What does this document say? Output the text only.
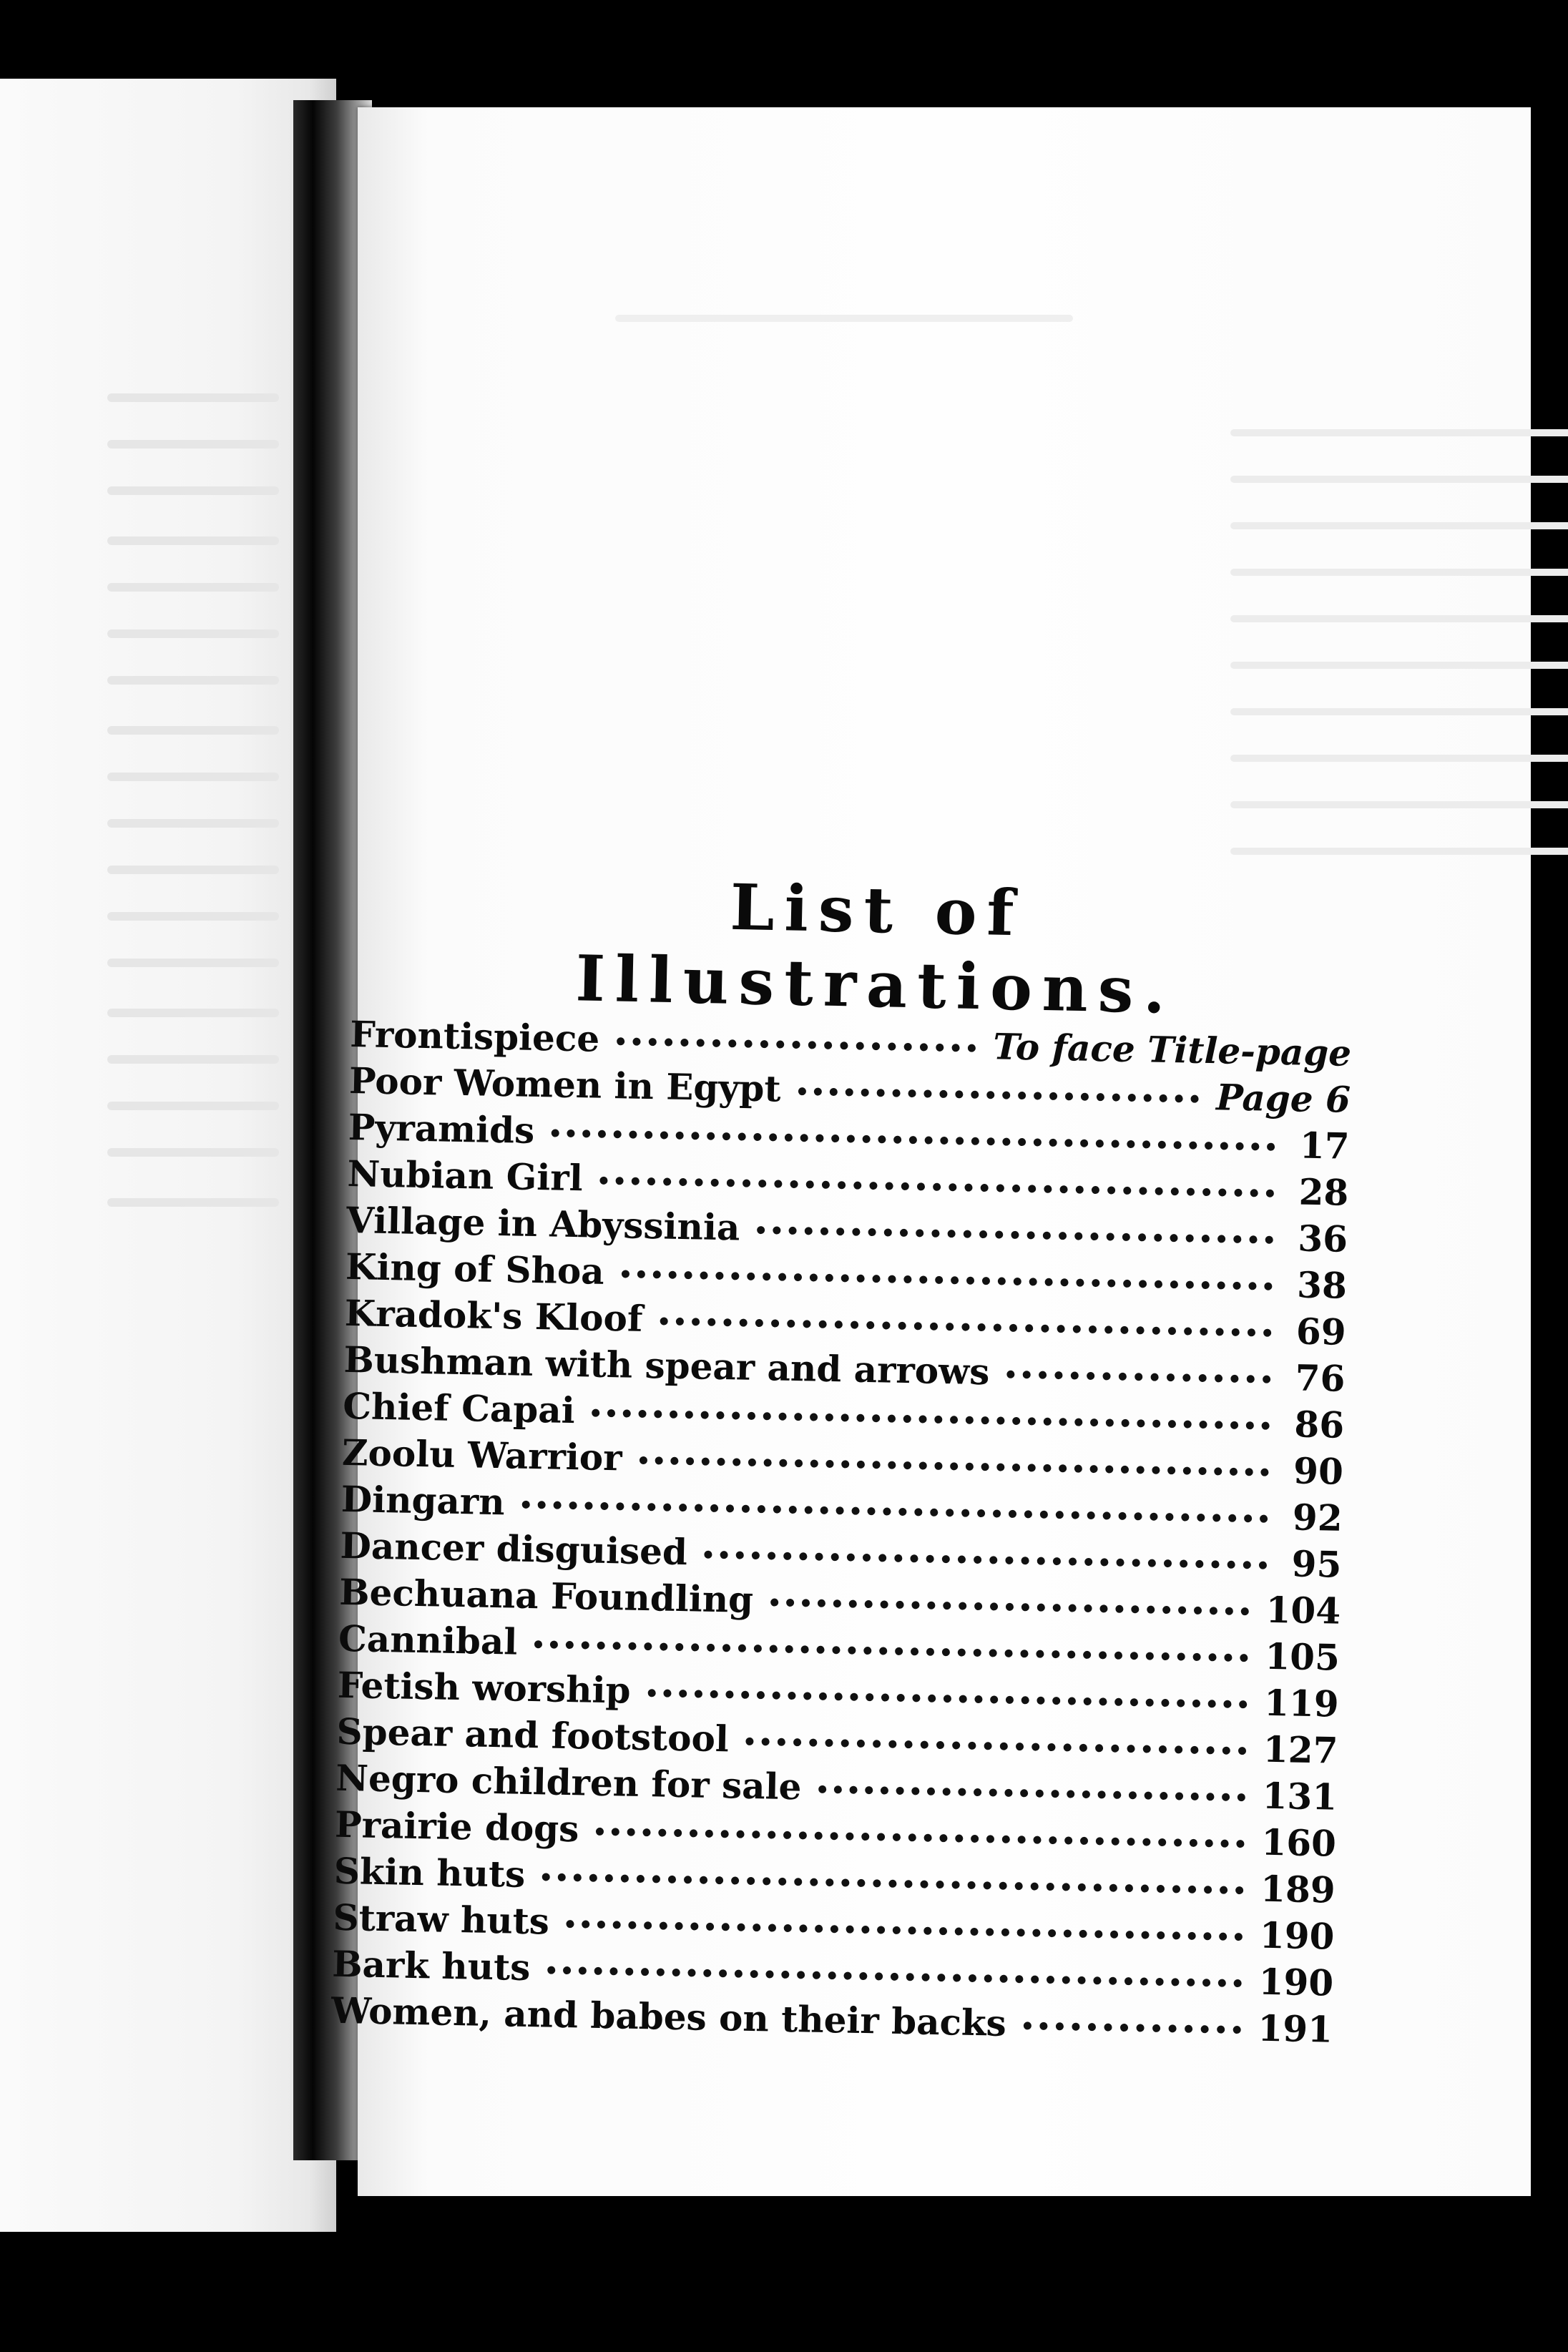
List of Illustrations.
Frontispiece	To face Title-page
Poor Women in Egypt	Page 6
Pyramids	17
Nubian Girl	28
Village in Abyssinia	36
King of Shoa	38
Kradok's Kloof	69
Bushman with spear and arrows	76
Chief Capai	86
Zoolu Warrior	90
Dingarn	92
Dancer disguised	95
Bechuana Foundling	104
Cannibal	105
Fetish worship	119
Spear and footstool	127
Negro children for sale	131
Prairie dogs	160
Skin huts	189
Straw huts	190
Bark huts	190
Women, and babes on their backs	191
